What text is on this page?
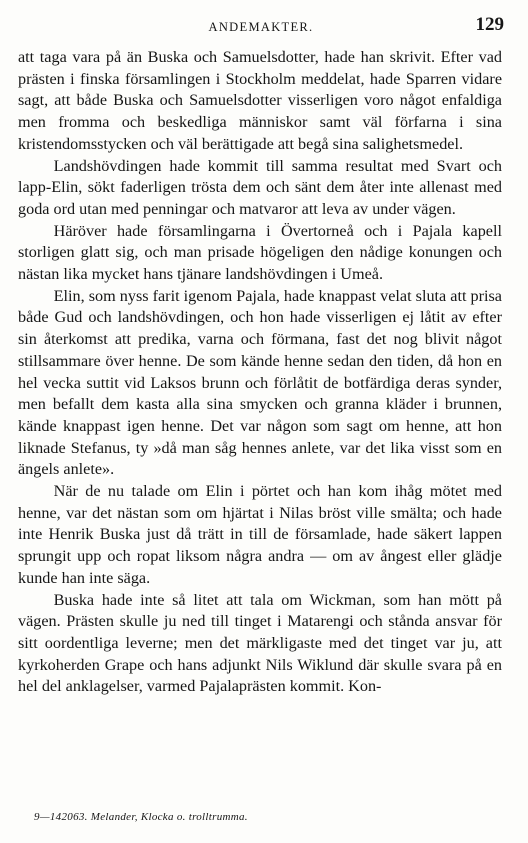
ANDEMAKTER.	129

att taga vara på än Buska och Samuelsdotter, hade han skrivit. Efter vad prästen i finska församlingen i Stockholm meddelat, hade Sparren vidare sagt, att både Buska och Samuelsdotter visserligen voro något enfaldiga men fromma och beskedliga människor samt väl förfarna i sina kristendomsstycken och väl berättigade att begå sina salighetsmedel.

Landshövdingen hade kommit till samma resultat med Svart och lapp-Elin, sökt faderligen trösta dem och sänt dem åter inte allenast med goda ord utan med penningar och matvaror att leva av under vägen.

Häröver hade församlingarna i Övertorneå och i Pajala kapell storligen glatt sig, och man prisade högeligen den nådige konungen och nästan lika mycket hans tjänare landshövdingen i Umeå.

Elin, som nyss farit igenom Pajala, hade knappast velat sluta att prisa både Gud och landshövdingen, och hon hade visserligen ej låtit av efter sin återkomst att predika, varna och förmana, fast det nog blivit något stillsammare över henne. De som kände henne sedan den tiden, då hon en hel vecka suttit vid Laksos brunn och förlåtit de botfärdiga deras synder, men befallt dem kasta alla sina smycken och granna kläder i brunnen, kände knappast igen henne. Det var någon som sagt om henne, att hon liknade Stefanus, ty »då man såg hennes anlete, var det lika visst som en ängels anlete».

När de nu talade om Elin i pörtet och han kom ihåg mötet med henne, var det nästan som om hjärtat i Nilas bröst ville smälta; och hade inte Henrik Buska just då trätt in till de församlade, hade säkert lappen sprungit upp och ropat liksom några andra — om av ångest eller glädje kunde han inte säga.

Buska hade inte så litet att tala om Wickman, som han mött på vägen. Prästen skulle ju ned till tinget i Matarengi och stånda ansvar för sitt oordentliga leverne; men det märkligaste med det tinget var ju, att kyrkoherden Grape och hans adjunkt Nils Wiklund där skulle svara på en hel del anklagelser, varmed Pajalaprästen kommit. Kon-

9—142063. Melander, Klocka o. trolltrumma.
